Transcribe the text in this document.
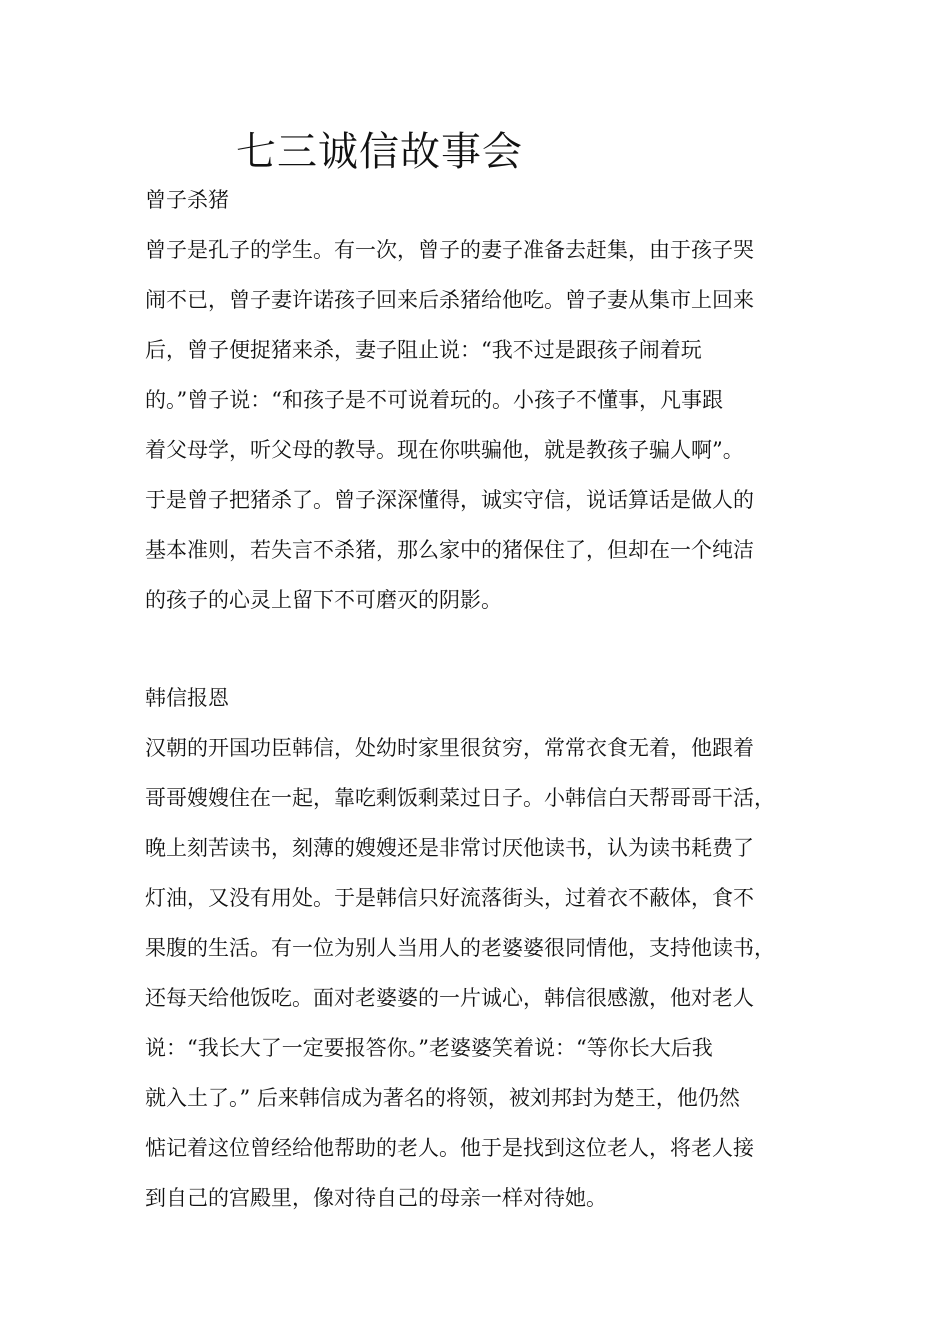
七三诚信故事会
曾子杀猪
曾子是孔子的学生。有一次，曾子的妻子准备去赶集，由于孩子哭
闹不已，曾子妻许诺孩子回来后杀猪给他吃。曾子妻从集市上回来
后，曾子便捉猪来杀，妻子阻止说：“我不过是跟孩子闹着玩
的。”曾子说：“和孩子是不可说着玩的。小孩子不懂事，凡事跟
着父母学，听父母的教导。现在你哄骗他，就是教孩子骗人啊”。
于是曾子把猪杀了。曾子深深懂得，诚实守信，说话算话是做人的
基本准则，若失言不杀猪，那么家中的猪保住了，但却在一个纯洁
的孩子的心灵上留下不可磨灭的阴影。
韩信报恩
汉朝的开国功臣韩信，处幼时家里很贫穷，常常衣食无着，他跟着
哥哥嫂嫂住在一起，靠吃剩饭剩菜过日子。小韩信白天帮哥哥干活，
晚上刻苦读书，刻薄的嫂嫂还是非常讨厌他读书，认为读书耗费了
灯油，又没有用处。于是韩信只好流落街头，过着衣不蔽体，食不
果腹的生活。有一位为别人当用人的老婆婆很同情他，支持他读书，
还每天给他饭吃。面对老婆婆的一片诚心，韩信很感激，他对老人
说：“我长大了一定要报答你。”老婆婆笑着说：“等你长大后我
就入土了。” 后来韩信成为著名的将领，被刘邦封为楚王，他仍然
惦记着这位曾经给他帮助的老人。他于是找到这位老人，将老人接
到自己的宫殿里，像对待自己的母亲一样对待她。
